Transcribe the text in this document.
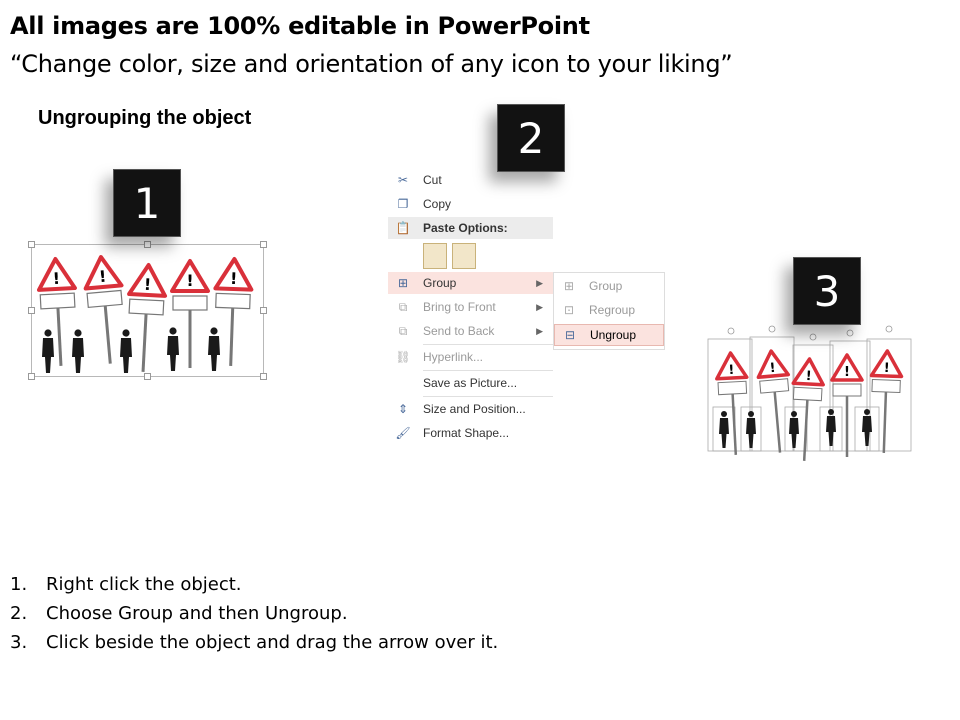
All images are 100% editable in PowerPoint
“Change color, size and orientation of any icon to your liking”
Ungrouping the object
!
1	✂	Cut
❐	Copy
📋 Paste Options:
⊞	Group	▶
⧉	Bring to Front	▶
⧉	Send to Back	▶
⛓ Hyperlink...
Save as Picture...
⇕	Size and Position...
🖌 Format Shape...
⊞	Group
⊡	Regroup
⊟	Ungroup
2
!
3
1.	Right click the object.
2.	Choose Group and then Ungroup.
3.	Click beside the object and drag the arrow over it.
